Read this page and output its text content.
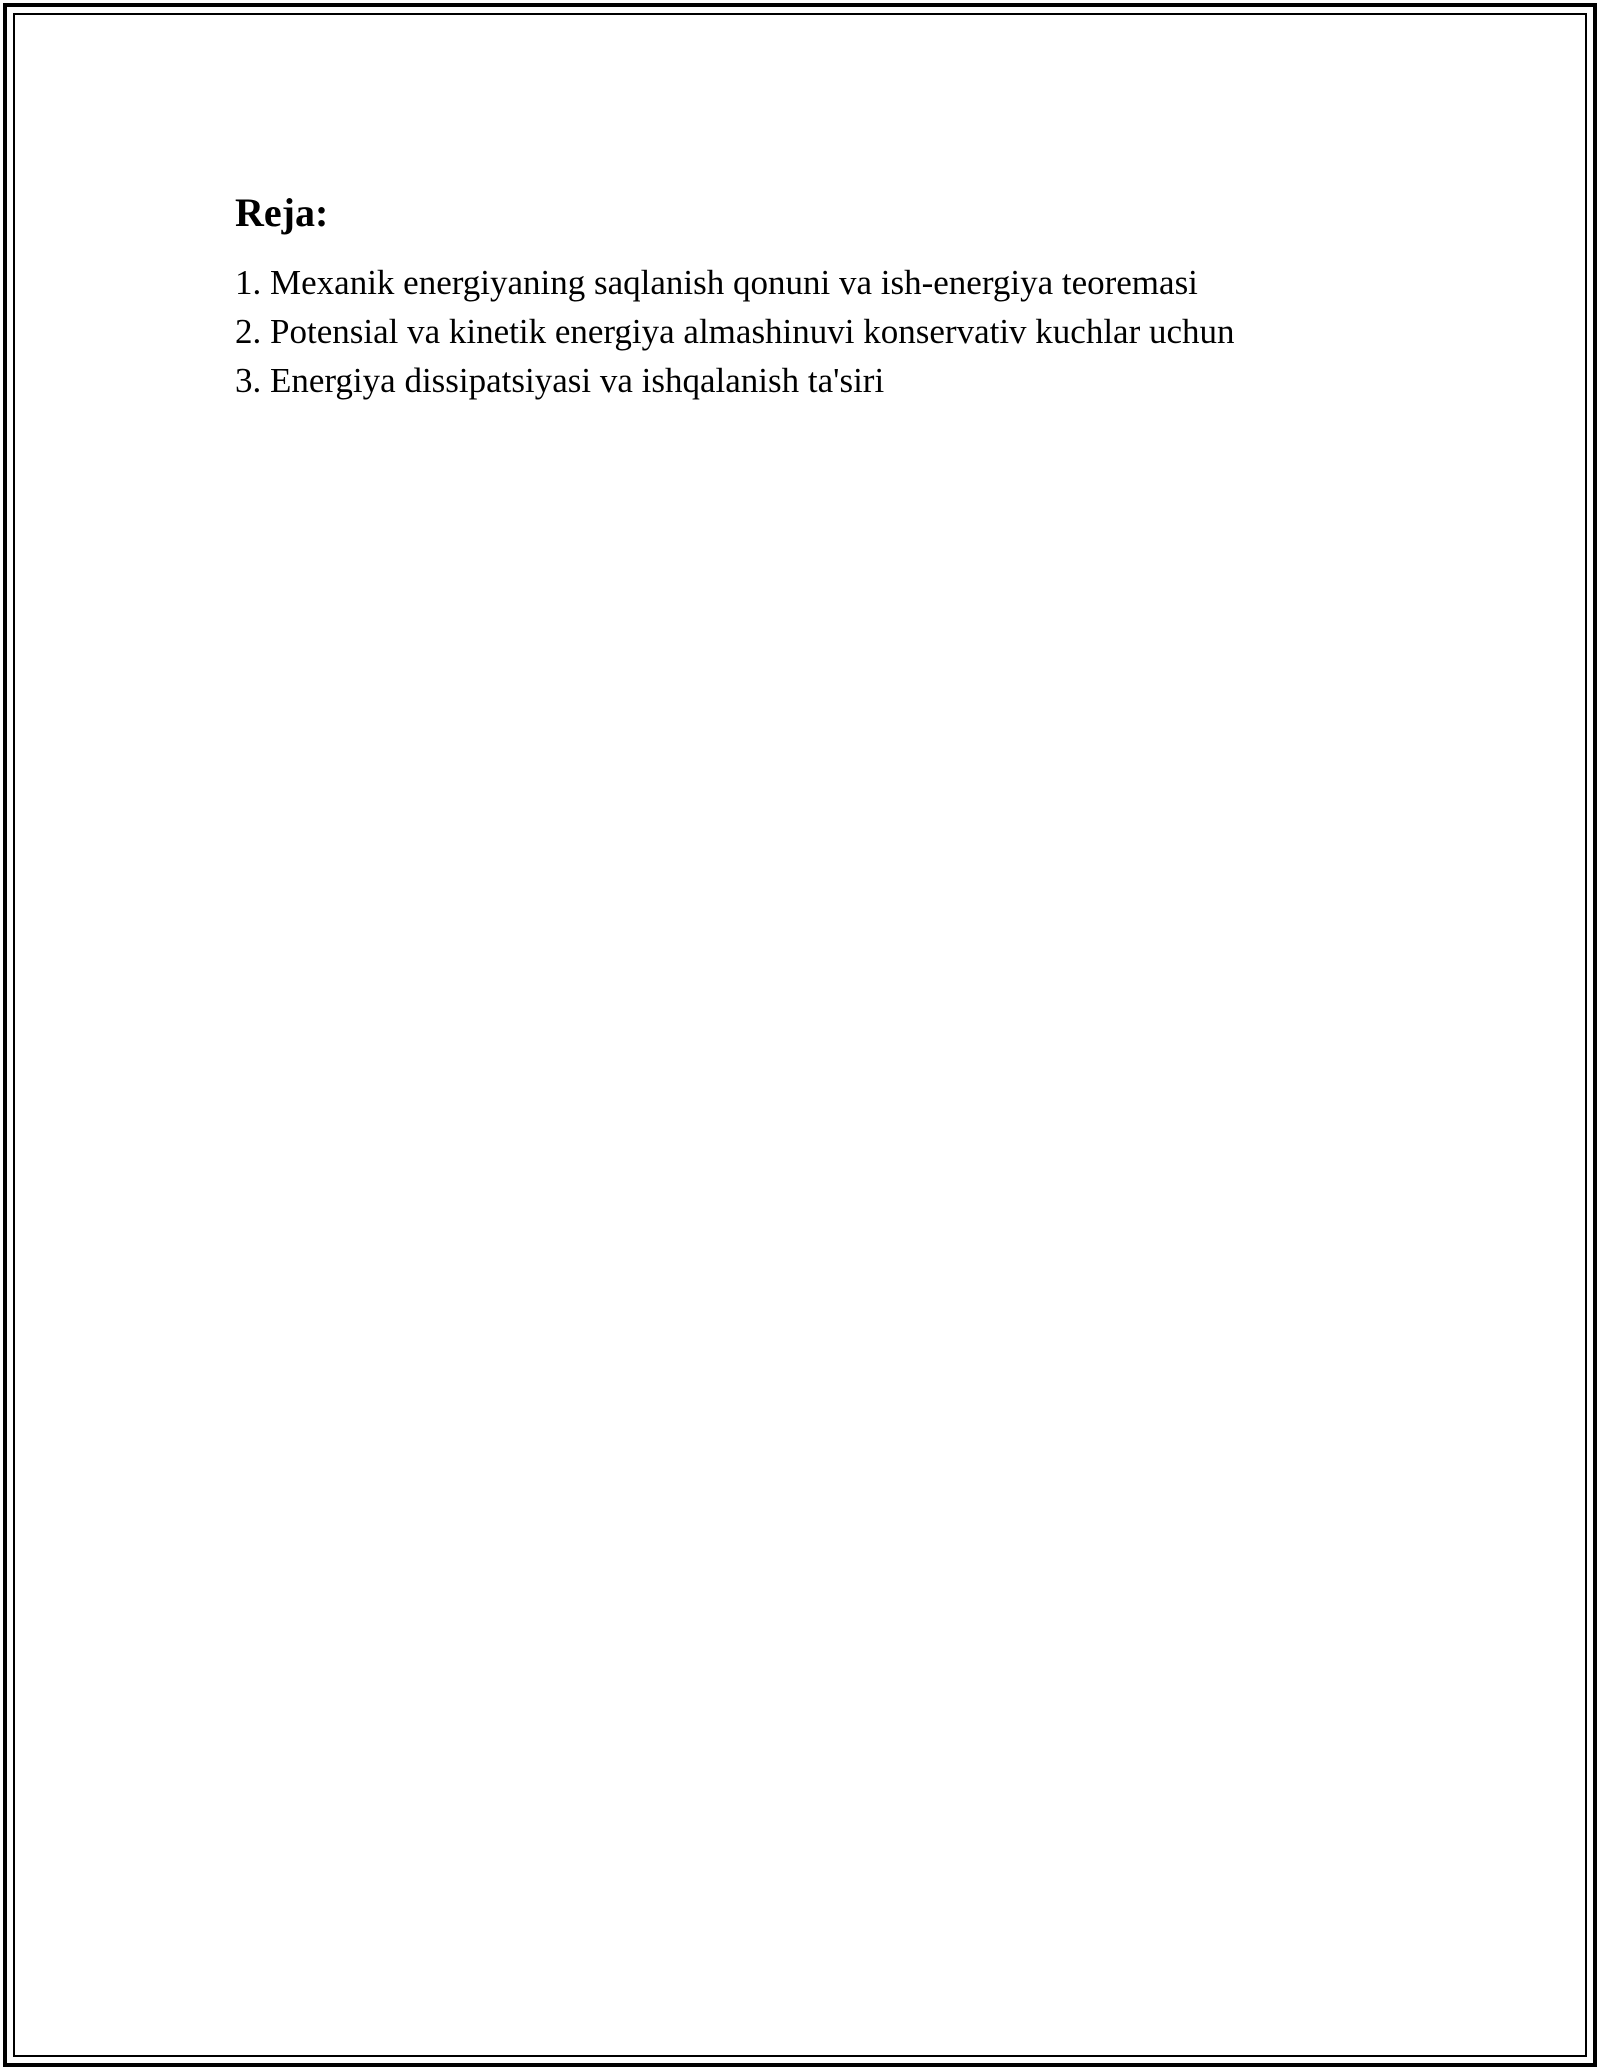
Reja:
1. Mexanik energiyaning saqlanish qonuni va ish-energiya teoremasi
2. Potensial va kinetik energiya almashinuvi konservativ kuchlar uchun
3. Energiya dissipatsiyasi va ishqalanish ta'siri
